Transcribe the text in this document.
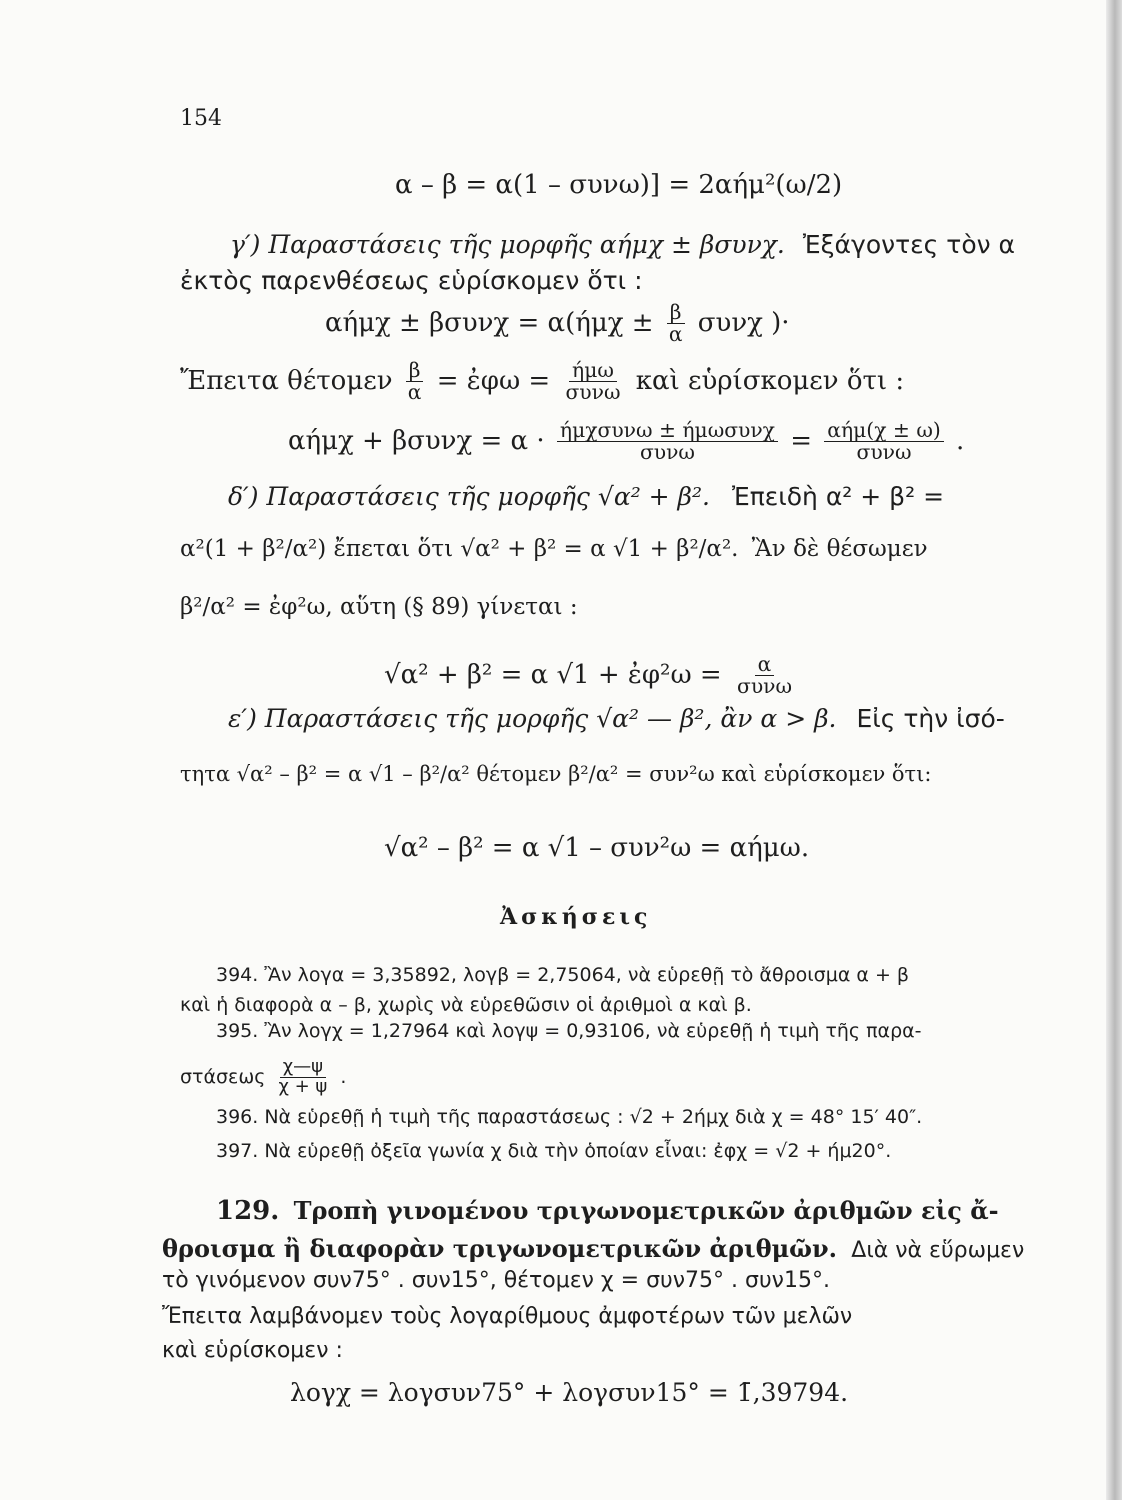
154
α – β = α(1 – συνω)] = 2αήμ²(ω/2)
γ′) Παραστάσεις τῆς μορφῆς αήμχ ± βσυνχ. Ἐξάγοντες τὸν α
ἐκτὸς παρενθέσεως εὑρίσκομεν ὅτι :
$\alpha ή\mu\chi \pm \beta\sigma\upsilon\nu\chi = \alpha(ή\mu\chi \pm \frac{\beta}{\alpha}$ συνχ )·
Ἔπειτα θέτομεν $\frac{\beta}{\alpha}$ = ἐφω = $\frac{\text{ήμω}}{\text{συνω}}$ καὶ εὑρίσκομεν ὅτι :
$\alpha ή\mu\chi + \beta\sigma\upsilon\nu\chi = \alpha \cdot \frac{\text{ήμχσυνω ± ήμωσυνχ}}{\text{συνω}} = \frac{\text{αήμ(χ ± ω)}}{\text{συνω}}$ .
δ′) Παραστάσεις τῆς μορφῆς √α² + β². Ἐπειδὴ α² + β² =
α²(1 + β²/α²) ἔπεται ὅτι √α² + β² = α √1 + β²/α². Ἂν δὲ θέσωμεν
β²/α² = ἐφ²ω, αὕτη (§ 89) γίνεται :
√α² + β² = α √1 + ἐφ²ω = $\frac{\alpha}{\text{συνω}}$
ε′) Παραστάσεις τῆς μορφῆς √α² — β², ἂν α > β. Εἰς τὴν ἰσό-
τητα √α² – β² = α √1 – β²/α² θέτομεν β²/α² = συν²ω καὶ εὑρίσκομεν ὅτι:
√α² – β² = α √1 – συν²ω = αήμω.
Ἀσκήσεις
394. Ἂν λογα = 3,35892, λογβ = 2,75064, νὰ εὑρεθῇ τὸ ἄθροισμα α + β
καὶ ἡ διαφορὰ α – β, χωρὶς νὰ εὑρεθῶσιν οἱ ἀριθμοὶ α καὶ β.
395. Ἂν λογχ = 1,27964 καὶ λογψ = 0,93106, νὰ εὑρεθῇ ἡ τιμὴ τῆς παρα-
στάσεως $\frac{\chi—\psi}{\chi + \psi}$ .
396. Νὰ εὑρεθῇ ἡ τιμὴ τῆς παραστάσεως : √2 + 2ήμχ διὰ χ = 48° 15′ 40″.
397. Νὰ εὑρεθῇ ὀξεῖα γωνία χ διὰ τὴν ὁποίαν εἶναι: ἐφχ = √2 + ήμ20°.
129. Τροπὴ γινομένου τριγωνομετρικῶν ἀριθμῶν εἰς ἄ-
θροισμα ἢ διαφορὰν τριγωνομετρικῶν ἀριθμῶν. Διὰ νὰ εὕρωμεν
τὸ γινόμενον συν75° . συν15°, θέτομεν χ = συν75° . συν15°.
Ἔπειτα λαμβάνομεν τοὺς λογαρίθμους ἀμφοτέρων τῶν μελῶν
καὶ εὑρίσκομεν :
λογχ = λογσυν75° + λογσυν15° = 1̄,39794.
